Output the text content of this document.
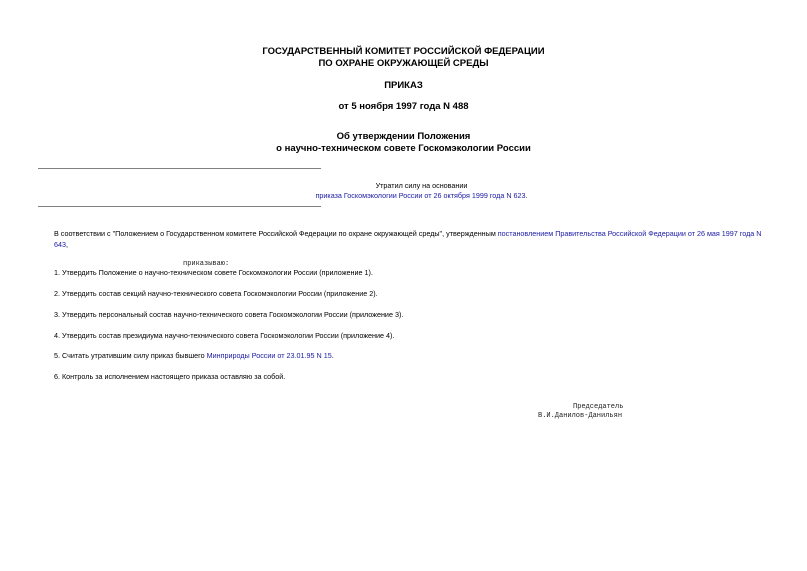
ГОСУДАРСТВЕННЫЙ КОМИТЕТ РОССИЙСКОЙ ФЕДЕРАЦИИ
ПО ОХРАНЕ ОКРУЖАЮЩЕЙ СРЕДЫ
ПРИКАЗ
от 5 ноября 1997 года N 488
Об утверждении Положения
о научно-техническом совете Госкомэкологии России
Утратил силу на основании
приказа Госкомэкологии России от 26 октября 1999 года N 623.
В соответствии с "Положением о Государственном комитете Российской Федерации по охране окружающей среды", утвержденным постановлением Правительства Российской Федерации от 26 мая 1997 года N 643,
приказываю:
1. Утвердить Положение о научно-техническом совете Госкомэкологии России (приложение 1).
2. Утвердить состав секций научно-технического совета Госкомэкологии России (приложение 2).
3. Утвердить персональный состав научно-технического совета Госкомэкологии России (приложение 3).
4. Утвердить состав президиума научно-технического совета Госкомэкологии России (приложение 4).
5. Считать утратившим силу приказ бывшего Минприроды России от 23.01.95 N 15.
6. Контроль за исполнением настоящего приказа оставляю за собой.
Председатель
В.И.Данилов-Данильян
